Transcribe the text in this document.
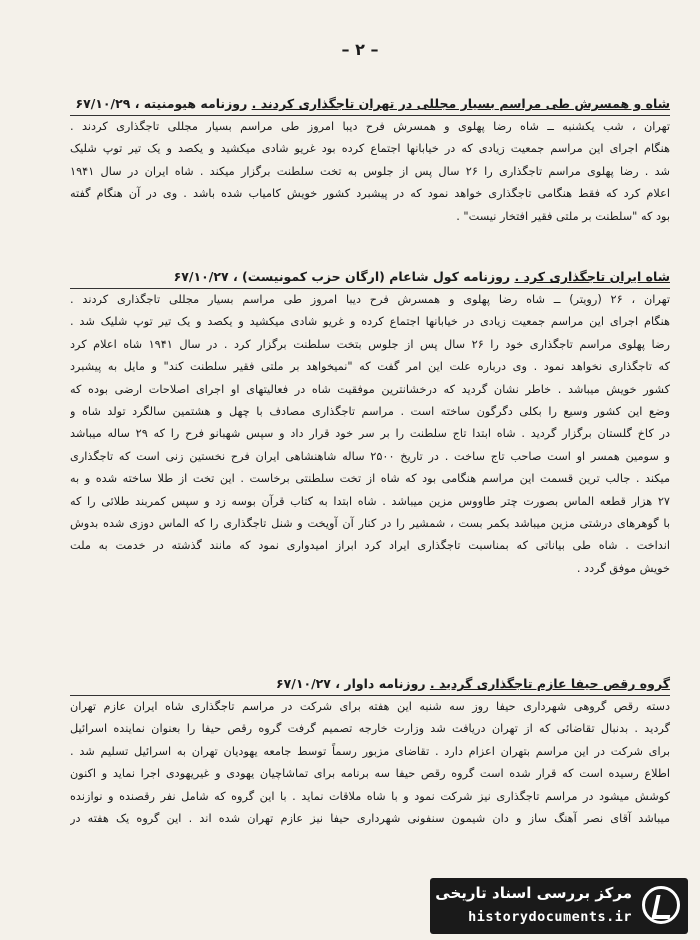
– ۲ –
شاه و همسرش طی مراسم بسیار مجللی در تهران تاجگذاری کردند . روزنامه هیومنیته ، ۶۷/۱۰/۲۹

تهران ، شب یکشنبه ــ شاه رضا پهلوی و همسرش فرح دیبا امروز طی مراسم بسیار مجللی تاجگذاری کردند .

هنگام اجرای این مراسم جمعیت زیادی که در خیابانها اجتماع کرده بود غریو شادی میکشید و یکصد و یک تیر توپ شلیک

شد . رضا پهلوی مراسم تاجگذاری را ۲۶ سال پس از جلوس به تخت سلطنت برگزار میکند . شاه ایران در سال ۱۹۴۱

اعلام کرد که فقط هنگامی تاجگذاری خواهد نمود که در پیشبرد کشور خویش کامیاب شده باشد . وی در آن هنگام گفته

بود که "سلطنت بر ملتی فقیر افتخار نیست" .

شاه ایران تاجگذاری کرد . روزنامه کول شاعام (ارگان حزب کمونیست) ، ۶۷/۱۰/۲۷

تهران ، ۲۶ (رویتر) ــ شاه رضا پهلوی و همسرش فرح دیبا امروز طی مراسم بسیار مجللی تاجگذاری کردند .

هنگام اجرای این مراسم جمعیت زیادی در خیابانها اجتماع کرده و غریو شادی میکشید و یکصد و یک تیر توپ شلیک شد .

رضا پهلوی مراسم تاجگذاری خود را ۲۶ سال پس از جلوس بتخت سلطنت برگزار کرد . در سال ۱۹۴۱ شاه اعلام کرد

که تاجگذاری نخواهد نمود . وی درباره علت این امر گفت که "نمیخواهد بر ملتی فقیر سلطنت کند" و مایل به پیشبرد

کشور خویش میباشد . خاطر نشان گردید که درخشانترین موفقیت شاه در فعالیتهای او اجرای اصلاحات ارضی بوده که

وضع این کشور وسیع را بکلی دگرگون ساخته است . مراسم تاجگذاری مصادف با چهل و هشتمین سالگرد تولد شاه و

در کاخ گلستان برگزار گردید . شاه ابتدا تاج سلطنت را بر سر خود قرار داد و سپس شهبانو فرح را که ۲۹ ساله میباشد

و سومین همسر او است صاحب تاج ساخت . در تاریخ ۲۵۰۰ ساله شاهنشاهی ایران فرح نخستین زنی است که تاجگذاری

میکند . جالب ترین قسمت این مراسم هنگامی بود که شاه از تخت سلطنتی برخاست . این تخت از طلا ساخته شده و به

۲۷ هزار قطعه الماس بصورت چتر طاووس مزین میباشد . شاه ابتدا به کتاب قرآن بوسه زد و سپس کمربند طلائی را که

با گوهرهای درشتی مزین میباشد بکمر بست ، شمشیر را در کنار آن آویخت و شنل تاجگذاری را که الماس دوزی شده بدوش

انداخت . شاه طی بیاناتی که بمناسبت تاجگذاری ایراد کرد ابراز امیدواری نمود که مانند گذشته در خدمت به ملت

خویش موفق گردد .

گروه رقص حیفا عازم تاجگذاری گردید . روزنامه داوار ، ۶۷/۱۰/۲۷

دسته رقص گروهی شهرداری حیفا روز سه شنبه این هفته برای شرکت در مراسم تاجگذاری شاه ایران عازم تهران

گردید . بدنبال تقاضائی که از تهران دریافت شد وزارت خارجه تصمیم گرفت گروه رقص حیفا را بعنوان نماینده اسرائیل

برای شرکت در این مراسم بتهران اعزام دارد . تقاضای مزبور رسماً توسط جامعه یهودیان تهران به اسرائیل تسلیم شد .

اطلاع رسیده است که قرار شده است گروه رقص حیفا سه برنامه برای تماشاچیان یهودی و غیریهودی اجرا نماید و اکنون

کوشش میشود در مراسم تاجگذاری نیز شرکت نمود و با شاه ملاقات نماید . با این گروه که شامل نفر رقصنده و نوازنده

میباشد آقای نصر آهنگ ساز و دان شیمون سنفونی شهرداری حیفا نیز عازم تهران شده اند . این گروه یک هفته در

مرکز بررسی اسناد تاریخی
historydocuments.ir
